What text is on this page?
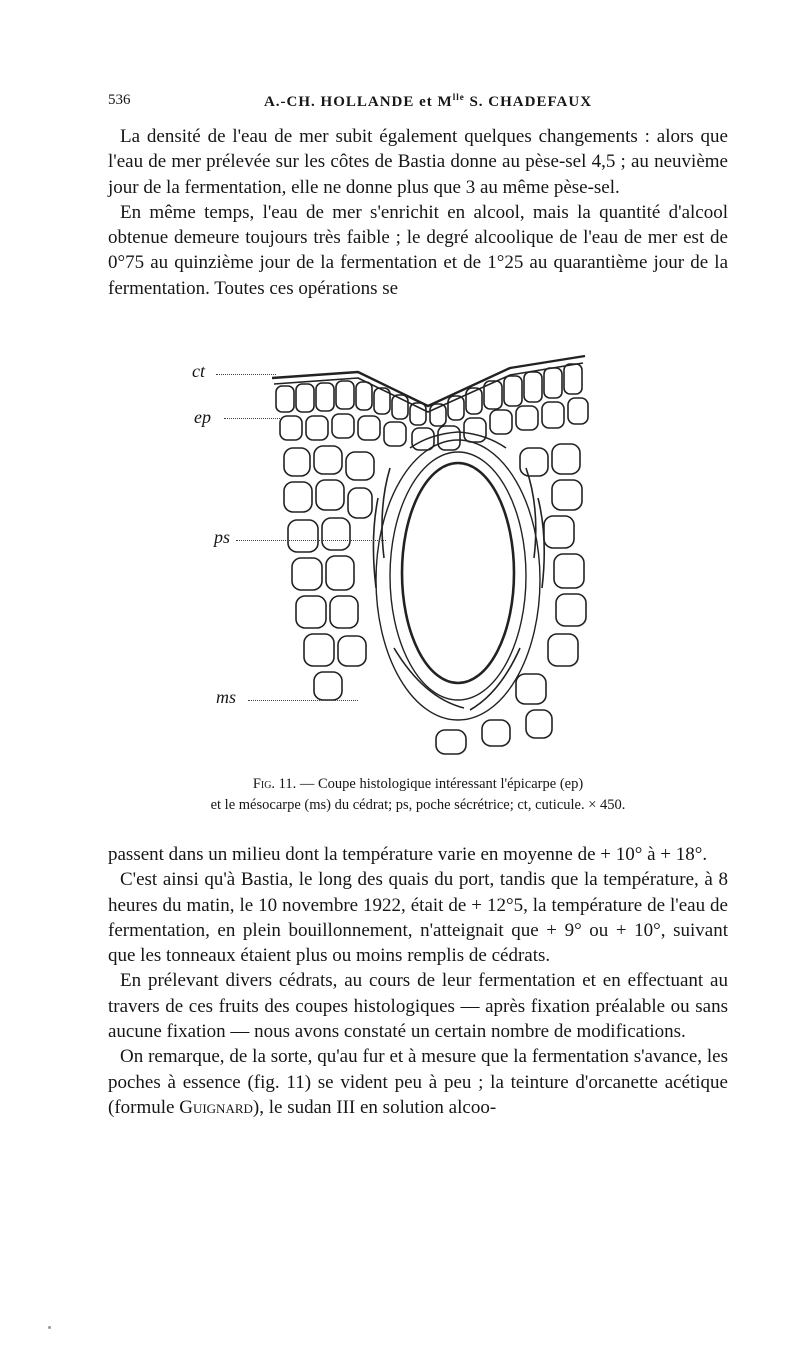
536	A.-CH. HOLLANDE et $M^{lle}$ S. CHADEFAUX

La densité de l'eau de mer subit également quelques changements : alors que l'eau de mer prélevée sur les côtes de Bastia donne au pèse-sel 4,5 ; au neuvième jour de la fermentation, elle ne donne plus que 3 au même pèse-sel.

En même temps, l'eau de mer s'enrichit en alcool, mais la quantité d'alcool obtenue demeure toujours très faible ; le degré alcoolique de l'eau de mer est de 0°75 au quinzième jour de la fermentation et de 1°25 au quarantième jour de la fermentation. Toutes ces opérations se

ct
ep
ps
ms

Fig. 11. — Coupe histologique intéressant l'épicarpe (ep)

et le mésocarpe (ms) du cédrat; ps, poche sécrétrice; ct, cuticule. × 450.

passent dans un milieu dont la température varie en moyenne de + 10° à + 18°.

C'est ainsi qu'à Bastia, le long des quais du port, tandis que la température, à 8 heures du matin, le 10 novembre 1922, était de + 12°5, la température de l'eau de fermentation, en plein bouillonnement, n'atteignait que + 9° ou + 10°, suivant que les tonneaux étaient plus ou moins remplis de cédrats.

En prélevant divers cédrats, au cours de leur fermentation et en effectuant au travers de ces fruits des coupes histologiques — après fixation préalable ou sans aucune fixation — nous avons constaté un certain nombre de modifications.

On remarque, de la sorte, qu'au fur et à mesure que la fermentation s'avance, les poches à essence (fig. 11) se vident peu à peu ; la teinture d'orcanette acétique (formule Guignard), le sudan III en solution alcoo-
